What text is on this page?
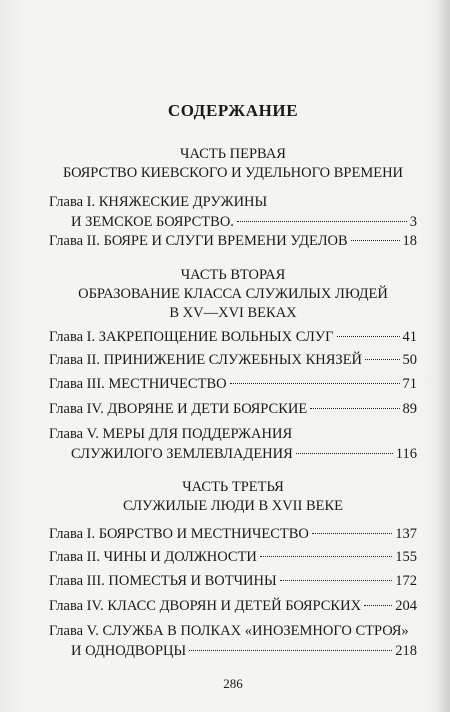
СОДЕРЖАНИЕ
ЧАСТЬ ПЕРВАЯ
БОЯРСТВО КИЕВСКОГО И УДЕЛЬНОГО ВРЕМЕНИ
Глава I. КНЯЖЕСКИЕ ДРУЖИНЫ
И ЗЕМСКОЕ БОЯРСТВО.	3
Глава II. БОЯРЕ И СЛУГИ ВРЕМЕНИ УДЕЛОВ	18
ЧАСТЬ ВТОРАЯ
ОБРАЗОВАНИЕ КЛАССА СЛУЖИЛЫХ ЛЮДЕЙ
В XV—XVI ВЕКАХ
Глава I. ЗАКРЕПОЩЕНИЕ ВОЛЬНЫХ СЛУГ	41
Глава II. ПРИНИЖЕНИЕ СЛУЖЕБНЫХ КНЯЗЕЙ	50
Глава III. МЕСТНИЧЕСТВО	71
Глава IV. ДВОРЯНЕ И ДЕТИ БОЯРСКИЕ	89
Глава V. МЕРЫ ДЛЯ ПОДДЕРЖАНИЯ
СЛУЖИЛОГО ЗЕМЛЕВЛАДЕНИЯ	116
ЧАСТЬ ТРЕТЬЯ
СЛУЖИЛЫЕ ЛЮДИ В XVII ВЕКЕ
Глава I. БОЯРСТВО И МЕСТНИЧЕСТВО	137
Глава II. ЧИНЫ И ДОЛЖНОСТИ	155
Глава III. ПОМЕСТЬЯ И ВОТЧИНЫ	172
Глава IV. КЛАСС ДВОРЯН И ДЕТЕЙ БОЯРСКИХ 204
Глава V. СЛУЖБА В ПОЛКАХ «ИНОЗЕМНОГО СТРОЯ»
И ОДНОДВОРЦЫ	218
286
